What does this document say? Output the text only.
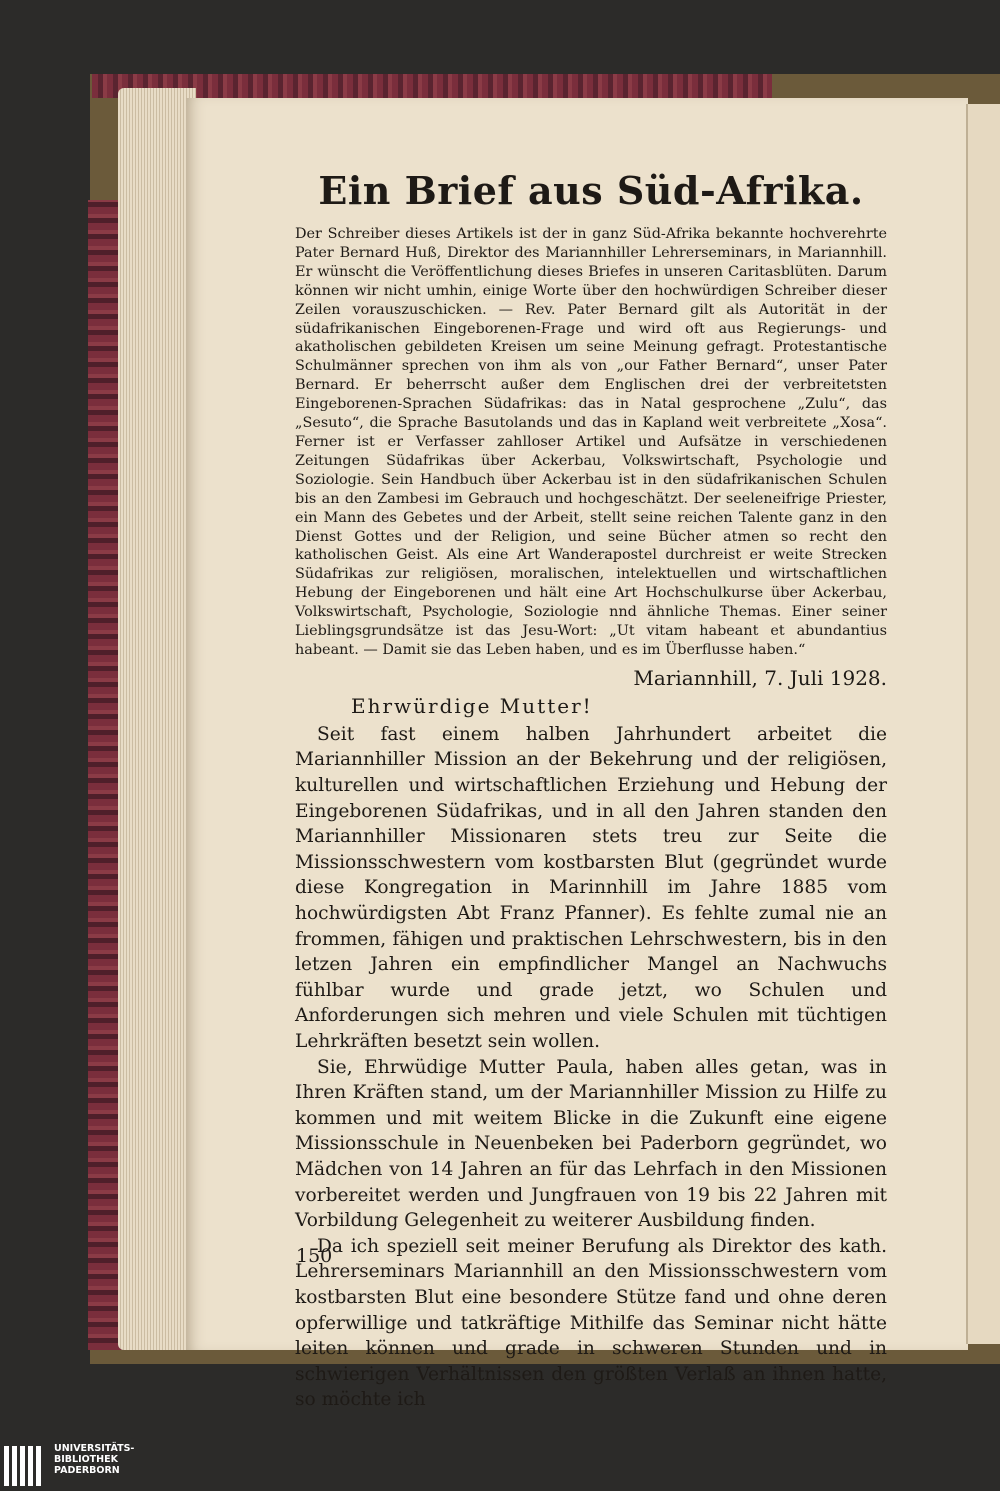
Ein Brief aus Süd-Afrika.

Der Schreiber dieses Artikels ist der in ganz Süd-Afrika bekannte hochverehrte Pater Bernard Huß, Direktor des Mariannhiller Lehrerseminars, in Mariannhill. Er wünscht die Veröffentlichung dieses Briefes in unseren Caritasblüten. Darum können wir nicht umhin, einige Worte über den hochwürdigen Schreiber dieser Zeilen vorauszuschicken. — Rev. Pater Bernard gilt als Autorität in der südafrikanischen Eingeborenen-Frage und wird oft aus Regierungs- und akatholischen gebildeten Kreisen um seine Meinung gefragt. Protestantische Schulmänner sprechen von ihm als von „our Father Bernard“, unser Pater Bernard. Er beherrscht außer dem Englischen drei der verbreitetsten Eingeborenen-Sprachen Südafrikas: das in Natal gesprochene „Zulu“, das „Sesuto“, die Sprache Basutolands und das in Kapland weit verbreitete „Xosa“. Ferner ist er Verfasser zahlloser Artikel und Aufsätze in verschiedenen Zeitungen Südafrikas über Ackerbau, Volkswirtschaft, Psychologie und Soziologie. Sein Handbuch über Ackerbau ist in den südafrikanischen Schulen bis an den Zambesi im Gebrauch und hochgeschätzt. Der seeleneifrige Priester, ein Mann des Gebetes und der Arbeit, stellt seine reichen Talente ganz in den Dienst Gottes und der Religion, und seine Bücher atmen so recht den katholischen Geist. Als eine Art Wanderapostel durchreist er weite Strecken Südafrikas zur religiösen, moralischen, intelektuellen und wirtschaftlichen Hebung der Eingeborenen und hält eine Art Hochschulkurse über Ackerbau, Volkswirtschaft, Psychologie, Soziologie nnd ähnliche Themas. Einer seiner Lieblingsgrundsätze ist das Jesu-Wort: „Ut vitam habeant et abundantius habeant. — Damit sie das Leben haben, und es im Überflusse haben.“

Mariannhill, 7. Juli 1928.

Ehrwürdige Mutter!

Seit fast einem halben Jahrhundert arbeitet die Mariannhiller Mission an der Bekehrung und der religiösen, kulturellen und wirtschaftlichen Erziehung und Hebung der Eingeborenen Südafrikas, und in all den Jahren standen den Mariannhiller Missionaren stets treu zur Seite die Missionsschwestern vom kostbarsten Blut (gegründet wurde diese Kongregation in Marinnhill im Jahre 1885 vom hochwürdigsten Abt Franz Pfanner). Es fehlte zumal nie an frommen, fähigen und praktischen Lehrschwestern, bis in den letzen Jahren ein empfindlicher Mangel an Nachwuchs fühlbar wurde und grade jetzt, wo Schulen und Anforderungen sich mehren und viele Schulen mit tüchtigen Lehrkräften besetzt sein wollen.

Sie, Ehrwüdige Mutter Paula, haben alles getan, was in Ihren Kräften stand, um der Mariannhiller Mission zu Hilfe zu kommen und mit weitem Blicke in die Zukunft eine eigene Missionsschule in Neuenbeken bei Paderborn gegründet, wo Mädchen von 14 Jahren an für das Lehrfach in den Missionen vorbereitet werden und Jungfrauen von 19 bis 22 Jahren mit Vorbildung Gelegenheit zu weiterer Ausbildung finden.

Da ich speziell seit meiner Berufung als Direktor des kath. Lehrerseminars Mariannhill an den Missionsschwestern vom kostbarsten Blut eine besondere Stütze fand und ohne deren opferwillige und tatkräftige Mithilfe das Seminar nicht hätte leiten können und grade in schweren Stunden und in schwierigen Verhältnissen den größten Verlaß an ihnen hatte, so möchte ich

150
UNIVERSITÄTS-
BIBLIOTHEK
PADERBORN
